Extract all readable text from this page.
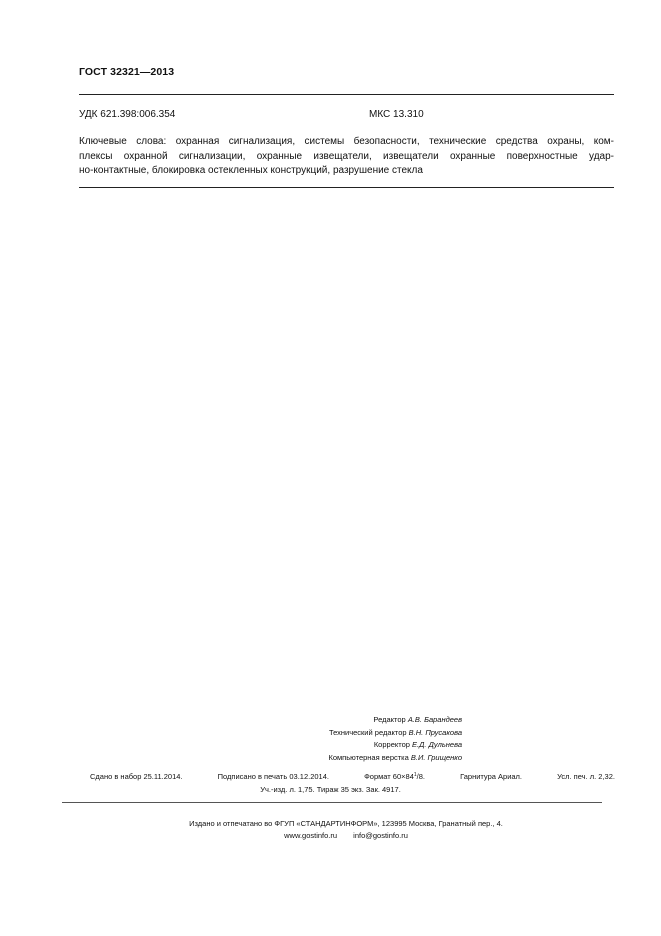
ГОСТ 32321—2013
УДК 621.398:006.354	МКС 13.310
Ключевые слова: охранная сигнализация, системы безопасности, технические средства охраны, ком-
плексы охранной сигнализации, охранные извещатели, извещатели охранные поверхностные удар-
но-контактные, блокировка остекленных конструкций, разрушение стекла
Редактор А.В. Барандеев
Технический редактор В.Н. Прусакова
Корректор Е.Д. Дульнева
Компьютерная верстка В.И. Грищенко
Сдано в набор 25.11.2014.	Подписано в печать 03.12.2014.	Формат $60\times 84^1/8$.	Гарнитура Ариал.	Усл. печ. л. 2,32.
Уч.-изд. л. 1,75. Тираж 35 экз. Зак. 4917.
Издано и отпечатано во ФГУП «СТАНДАРТИНФОРМ», 123995 Москва, Гранатный пер., 4.
www.gostinfo.ru info@gostinfo.ru
